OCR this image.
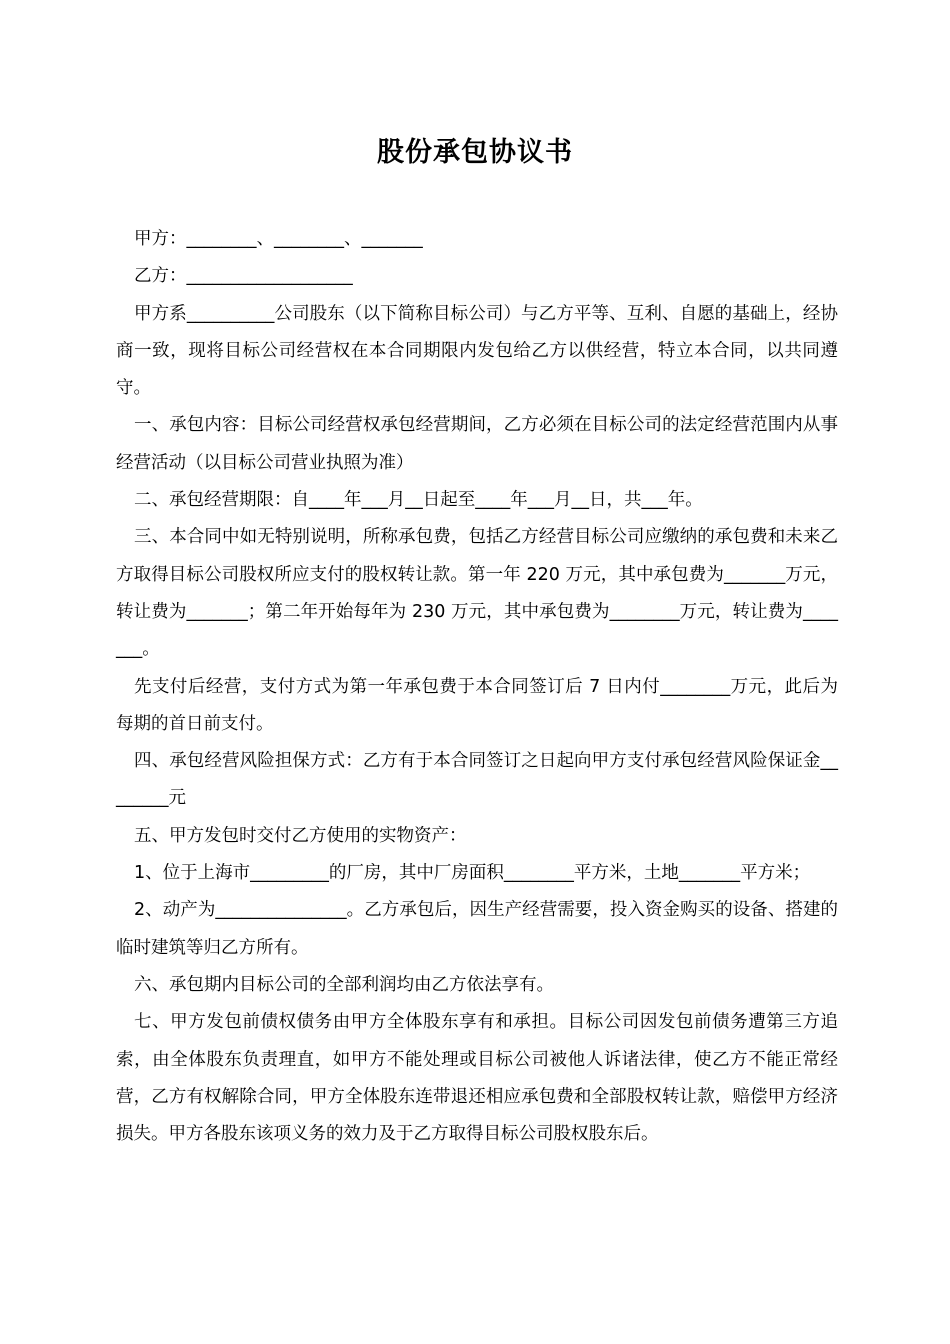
股份承包协议书

甲方：________、________、_______

乙方：___________________

甲方系__________公司股东（以下简称目标公司）与乙方平等、互利、自愿的基础上，经协商一致，现将目标公司经营权在本合同期限内发包给乙方以供经营，特立本合同，以共同遵守。

一、承包内容：目标公司经营权承包经营期间，乙方必须在目标公司的法定经营范围内从事经营活动（以目标公司营业执照为准）

二、承包经营期限：自____年___月__日起至____年___月__日，共___年。

三、本合同中如无特别说明，所称承包费，包括乙方经营目标公司应缴纳的承包费和未来乙方取得目标公司股权所应支付的股权转让款。第一年 220 万元，其中承包费为_______万元，转让费为_______；第二年开始每年为 230 万元，其中承包费为________万元，转让费为_______。

先支付后经营，支付方式为第一年承包费于本合同签订后 7 日内付________万元，此后为每期的首日前支付。

四、承包经营风险担保方式：乙方有于本合同签订之日起向甲方支付承包经营风险保证金________元

五、甲方发包时交付乙方使用的实物资产：

1、位于上海市_________的厂房，其中厂房面积________平方米，土地_______平方米；

2、动产为_______________。乙方承包后，因生产经营需要，投入资金购买的设备、搭建的临时建筑等归乙方所有。

六、承包期内目标公司的全部利润均由乙方依法享有。

七、甲方发包前债权债务由甲方全体股东享有和承担。目标公司因发包前债务遭第三方追索，由全体股东负责理直，如甲方不能处理或目标公司被他人诉诸法律，使乙方不能正常经营，乙方有权解除合同，甲方全体股东连带退还相应承包费和全部股权转让款，赔偿甲方经济损失。甲方各股东该项义务的效力及于乙方取得目标公司股权股东后。
